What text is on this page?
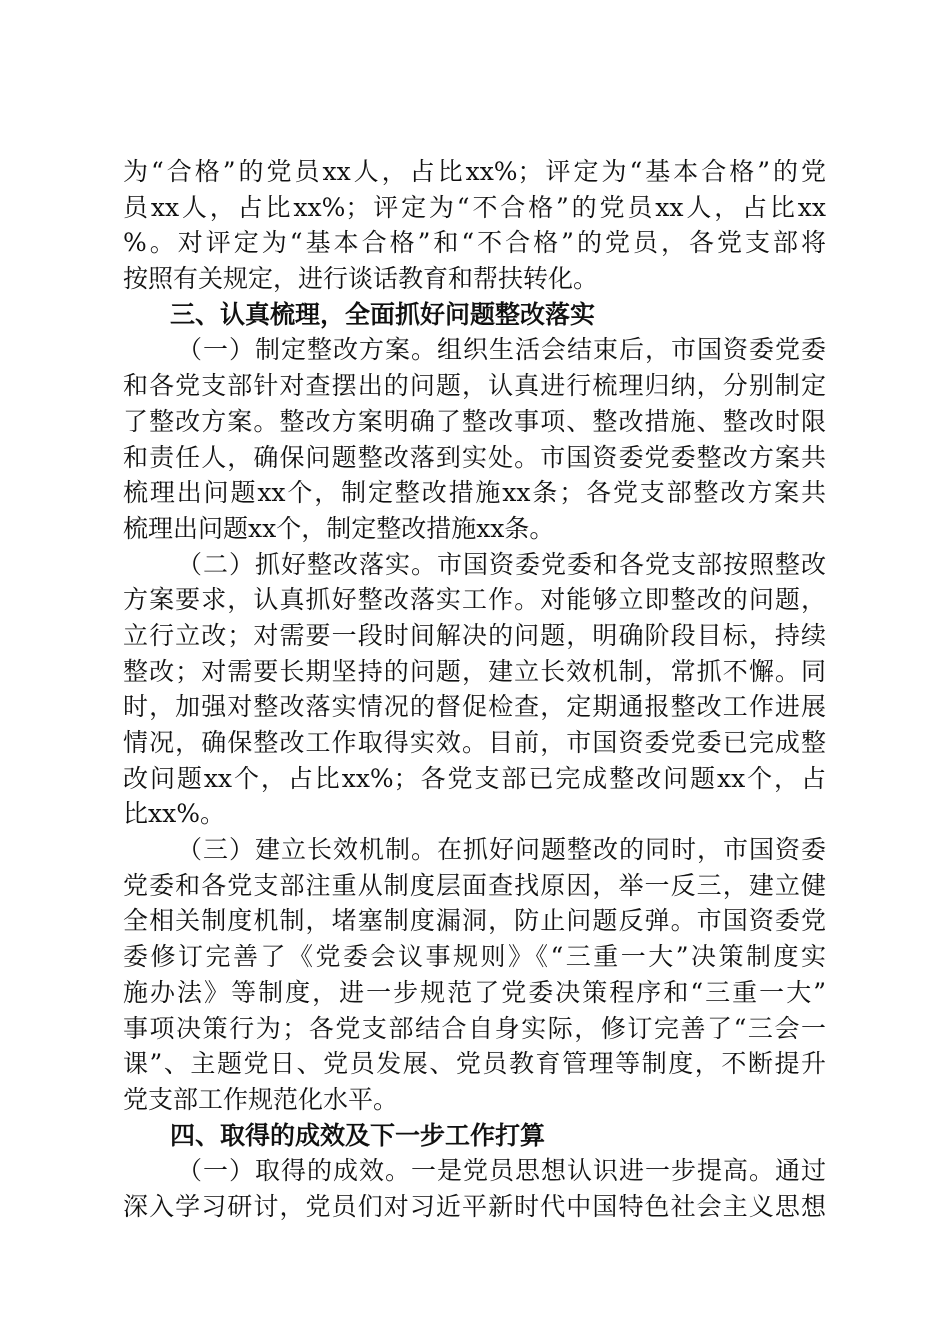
为“合格”的党员xx人，占比xx%；评定为“基本合格”的党
员xx人，占比xx%；评定为“不合格”的党员xx人，占比xx
%。对评定为“基本合格”和“不合格”的党员，各党支部将
按照有关规定，进行谈话教育和帮扶转化。
三、认真梳理，全面抓好问题整改落实
（一）制定整改方案。组织生活会结束后，市国资委党委
和各党支部针对查摆出的问题，认真进行梳理归纳，分别制定
了整改方案。整改方案明确了整改事项、整改措施、整改时限
和责任人，确保问题整改落到实处。市国资委党委整改方案共
梳理出问题xx个，制定整改措施xx条；各党支部整改方案共
梳理出问题xx个，制定整改措施xx条。
（二）抓好整改落实。市国资委党委和各党支部按照整改
方案要求，认真抓好整改落实工作。对能够立即整改的问题，
立行立改；对需要一段时间解决的问题，明确阶段目标，持续
整改；对需要长期坚持的问题，建立长效机制，常抓不懈。同
时，加强对整改落实情况的督促检查，定期通报整改工作进展
情况，确保整改工作取得实效。目前，市国资委党委已完成整
改问题xx个，占比xx%；各党支部已完成整改问题xx个，占
比xx%。
（三）建立长效机制。在抓好问题整改的同时，市国资委
党委和各党支部注重从制度层面查找原因，举一反三，建立健
全相关制度机制，堵塞制度漏洞，防止问题反弹。市国资委党
委修订完善了《党委会议事规则》《“三重一大”决策制度实
施办法》等制度，进一步规范了党委决策程序和“三重一大”
事项决策行为；各党支部结合自身实际，修订完善了“三会一
课”、主题党日、党员发展、党员教育管理等制度，不断提升
党支部工作规范化水平。
四、取得的成效及下一步工作打算
（一）取得的成效。一是党员思想认识进一步提高。通过
深入学习研讨，党员们对习近平新时代中国特色社会主义思想
